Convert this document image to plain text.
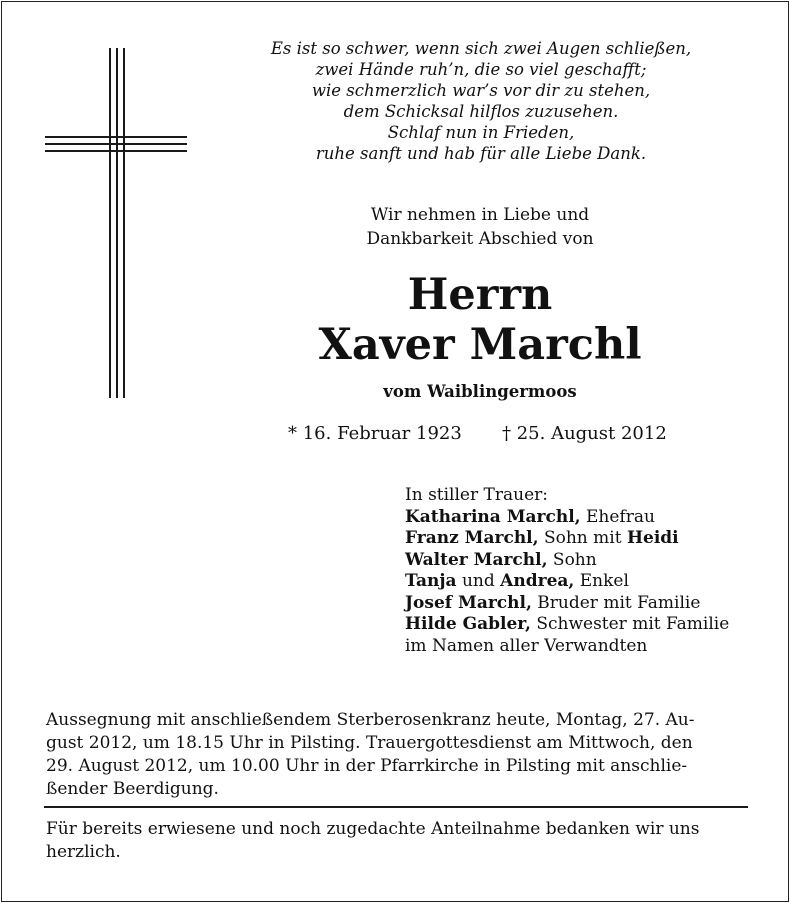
Es ist so schwer, wenn sich zwei Augen schließen,
zwei Hände ruh’n, die so viel geschafft;
wie schmerzlich war’s vor dir zu stehen,
dem Schicksal hilflos zuzusehen.
Schlaf nun in Frieden,
ruhe sanft und hab für alle Liebe Dank.
Wir nehmen in Liebe und
Dankbarkeit Abschied von
Herrn
Xaver Marchl
vom Waiblingermoos
* 16. Februar 1923 † 25. August 2012
In stiller Trauer:
Katharina Marchl, Ehefrau
Franz Marchl, Sohn mit Heidi
Walter Marchl, Sohn
Tanja und Andrea, Enkel
Josef Marchl, Bruder mit Familie
Hilde Gabler, Schwester mit Familie
im Namen aller Verwandten
Aussegnung mit anschließendem Sterberosenkranz heute, Montag, 27. Au-
gust 2012, um 18.15 Uhr in Pilsting. Trauergottesdienst am Mittwoch, den
29. August 2012, um 10.00 Uhr in der Pfarrkirche in Pilsting mit anschlie-
ßender Beerdigung.
Für bereits erwiesene und noch zugedachte Anteilnahme bedanken wir uns
herzlich.
